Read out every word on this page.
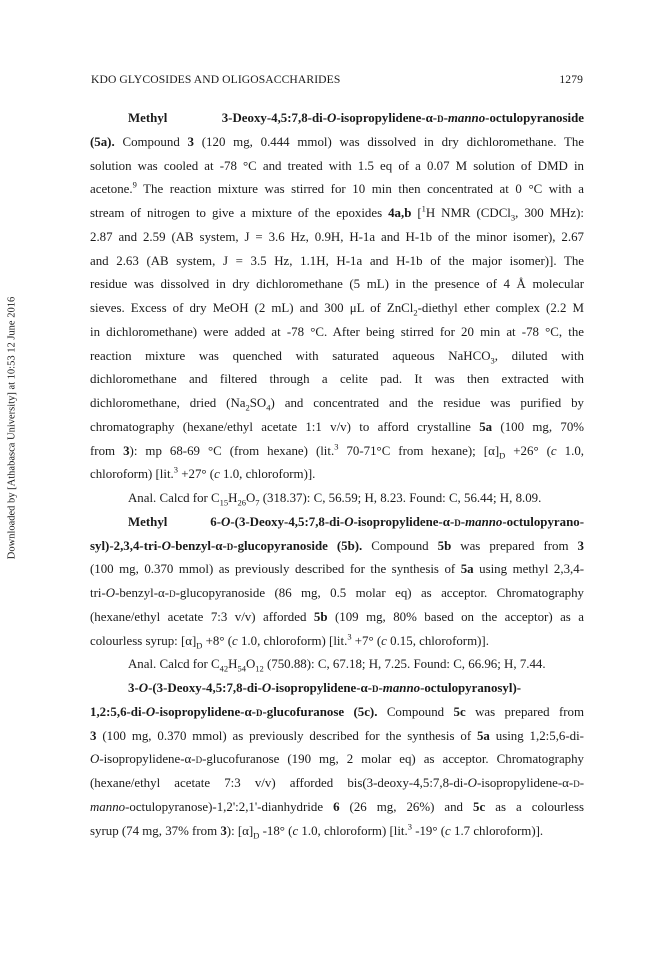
KDO GLYCOSIDES AND OLIGOSACCHARIDES	1279
Downloaded by [Athabasca University] at 10:53 12 June 2016
Methyl	3-Deoxy-4,5:7,8-di-O-isopropylidene-α-d-manno-octulopyranoside
(5a). Compound 3 (120 mg, 0.444 mmol) was dissolved in dry dichloromethane. The
solution was cooled at -78 °C and treated with 1.5 eq of a 0.07 M solution of DMD in
acetone.$^9$ The reaction mixture was stirred for 10 min then concentrated at 0 °C with a
stream of nitrogen to give a mixture of the epoxides 4a,b [$^1$H NMR (CDCl$_3$, 300 MHz):
2.87 and 2.59 (AB system, J = 3.6 Hz, 0.9H, H-1a and H-1b of the minor isomer), 2.67
and 2.63 (AB system, J = 3.5 Hz, 1.1H, H-1a and H-1b of the major isomer)]. The
residue was dissolved in dry dichloromethane (5 mL) in the presence of 4 Å molecular
sieves. Excess of dry MeOH (2 mL) and 300 μL of ZnCl$_2$-diethyl ether complex (2.2 M
in dichloromethane) were added at -78 °C. After being stirred for 20 min at -78 °C, the
reaction mixture was quenched with saturated aqueous NaHCO$_3$, diluted with
dichloromethane and filtered through a celite pad. It was then extracted with
dichloromethane, dried $(Na_2SO_4)$ and concentrated and the residue was purified by
chromatography (hexane/ethyl acetate 1:1 v/v) to afford crystalline 5a (100 mg, 70%
from 3): mp 68-69 °C (from hexane) (lit.$^3$ 70-71°C from hexane); $[\alpha]_D +26^\circ$ (c 1.0,
chloroform) [lit.$^3$ +27° (c 1.0, chloroform)].
Anal. Calcd for $C_{15}H_{26}O_7$ (318.37): C, 56.59; H, 8.23. Found: C, 56.44; H, 8.09.
Methyl 6-O-(3-Deoxy-4,5:7,8-di-O-isopropylidene-α-d-manno-octulopyrano-
syl)-2,3,4-tri-O-benzyl-α-d-glucopyranoside (5b). Compound 5b was prepared from 3
(100 mg, 0.370 mmol) as previously described for the synthesis of 5a using methyl 2,3,4-
tri-O-benzyl-α-d-glucopyranoside (86 mg, 0.5 molar eq) as acceptor. Chromatography
(hexane/ethyl acetate 7:3 v/v) afforded 5b (109 mg, 80% based on the acceptor) as a
colourless syrup: $[\alpha]_D +8^\circ$ (c 1.0, chloroform) [lit.$^3$ +7° (c 0.15, chloroform)].
Anal. Calcd for $C_{42}H_{54}O_{12}$ (750.88): C, 67.18; H, 7.25. Found: C, 66.96; H, 7.44.
3-O-(3-Deoxy-4,5:7,8-di-O-isopropylidene-α-d-manno-octulopyranosyl)-
1,2:5,6-di-O-isopropylidene-α-d-glucofuranose (5c). Compound 5c was prepared from
3 (100 mg, 0.370 mmol) as previously described for the synthesis of 5a using 1,2:5,6-di-
O-isopropylidene-α-d-glucofuranose (190 mg, 2 molar eq) as acceptor. Chromatography
(hexane/ethyl acetate 7:3 v/v) afforded bis(3-deoxy-4,5:7,8-di-O-isopropylidene-α-d-
manno-octulopyranose)-1,2':2,1'-dianhydride 6 (26 mg, 26%) and 5c as a colourless
syrup (74 mg, 37% from 3): $[\alpha]_D$ -18° (c 1.0, chloroform) [lit.$^3$ -19° (c 1.7 chloroform)].
